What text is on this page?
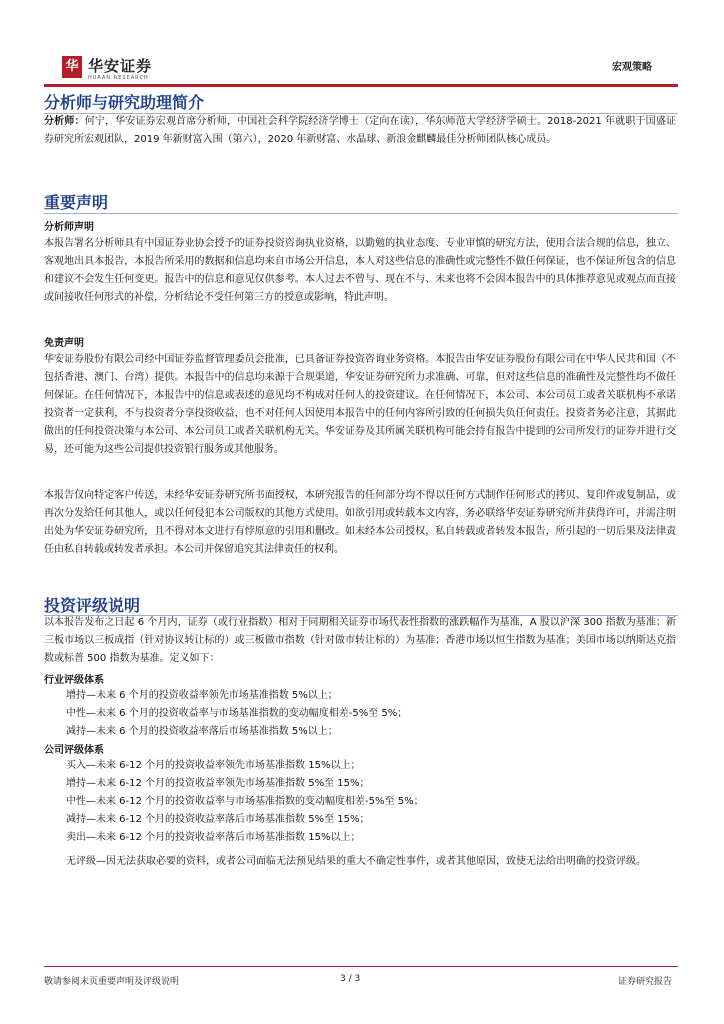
华 华安证券
HUAAN RESEARCH
宏观策略
分析师与研究助理简介
分析师：何宁，华安证券宏观首席分析师，中国社会科学院经济学博士（定向在读），华东师范大学经济学硕士。2018-2021 年就职于国盛证券研究所宏观团队，2019 年新财富入围（第六），2020 年新财富、水晶球、新浪金麒麟最佳分析师团队核心成员。
重要声明
分析师声明
本报告署名分析师具有中国证券业协会授予的证券投资咨询执业资格，以勤勉的执业态度、专业审慎的研究方法，使用合法合规的信息，独立、客观地出具本报告，本报告所采用的数据和信息均来自市场公开信息，本人对这些信息的准确性或完整性不做任何保证，也不保证所包含的信息和建议不会发生任何变更。报告中的信息和意见仅供参考。本人过去不曾与、现在不与、未来也将不会因本报告中的具体推荐意见或观点而直接或间接收任何形式的补偿，分析结论不受任何第三方的授意或影响，特此声明。
免责声明
华安证券股份有限公司经中国证券监督管理委员会批准，已具备证券投资咨询业务资格。本报告由华安证券股份有限公司在中华人民共和国（不包括香港、澳门、台湾）提供。本报告中的信息均来源于合规渠道，华安证券研究所力求准确、可靠，但对这些信息的准确性及完整性均不做任何保证。在任何情况下，本报告中的信息或表述的意见均不构成对任何人的投资建议。在任何情况下，本公司、本公司员工或者关联机构不承诺投资者一定获利，不与投资者分享投资收益，也不对任何人因使用本报告中的任何内容所引致的任何损失负任何责任。投资者务必注意，其据此做出的任何投资决策与本公司、本公司员工或者关联机构无关。华安证券及其所属关联机构可能会持有报告中提到的公司所发行的证券并进行交易，还可能为这些公司提供投资银行服务或其他服务。
本报告仅向特定客户传送，未经华安证券研究所书面授权，本研究报告的任何部分均不得以任何方式制作任何形式的拷贝、复印件或复制品，或再次分发给任何其他人，或以任何侵犯本公司版权的其他方式使用。如欲引用或转载本文内容，务必联络华安证券研究所并获得许可，并需注明出处为华安证券研究所，且不得对本文进行有悖原意的引用和删改。如未经本公司授权，私自转载或者转发本报告，所引起的一切后果及法律责任由私自转载或转发者承担。本公司并保留追究其法律责任的权利。
投资评级说明
以本报告发布之日起 6 个月内，证券（或行业指数）相对于同期相关证券市场代表性指数的涨跌幅作为基准，A 股以沪深 300 指数为基准；新三板市场以三板成指（针对协议转让标的）或三板做市指数（针对做市转让标的）为基准；香港市场以恒生指数为基准；美国市场以纳斯达克指数或标普 500 指数为基准。定义如下：
行业评级体系
增持—未来 6 个月的投资收益率领先市场基准指数 5%以上；
中性—未来 6 个月的投资收益率与市场基准指数的变动幅度相差-5%至 5%；
减持—未来 6 个月的投资收益率落后市场基准指数 5%以上；
公司评级体系
买入—未来 6-12 个月的投资收益率领先市场基准指数 15%以上；
增持—未来 6-12 个月的投资收益率领先市场基准指数 5%至 15%；
中性—未来 6-12 个月的投资收益率与市场基准指数的变动幅度相差-5%至 5%；
减持—未来 6-12 个月的投资收益率落后市场基准指数 5%至 15%；
卖出—未来 6-12 个月的投资收益率落后市场基准指数 15%以上；
无评级—因无法获取必要的资料，或者公司面临无法预见结果的重大不确定性事件，或者其他原因，致使无法给出明确的投资评级。
敬请参阅末页重要声明及评级说明	3 / 3	证券研究报告
